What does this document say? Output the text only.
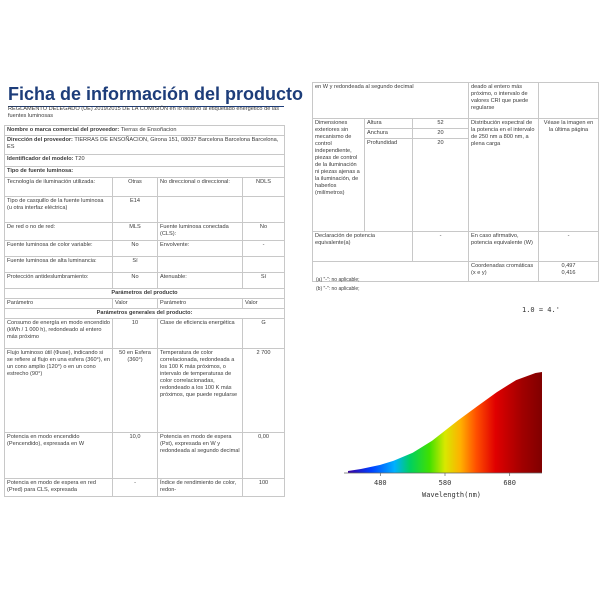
Ficha de información del producto
REGLAMENTO DELEGADO (UE) 2019/2015 DE LA COMISIÓN en lo relativo al etiquetado energético de las fuentes luminosas
Nombre o marca comercial del proveedor: Tierras de Ensoñacion			
Dirección del proveedor: TIERRAS DE ENSOÑACION, Girona 151, 08037 Barcelona Barcelona Barcelona, ES			
Identificador del modelo: T20			
Tipo de fuente luminosa:			
Tecnología de iluminación utilizada:	Otras	No direccional o direccional:	NDLS
Tipo de casquillo de la fuente luminosa (u otra interfaz eléctrica)	E14		
De red o no de red:	MLS	Fuente luminosa conectada (CLS):	No
Fuente luminosa de color variable:	No	Envolvente:	-
Fuente luminosa de alta luminancia:	Sí		
Protección antideslumbramiento:	No	Atenuable:	Sí
Parámetros del producto			
Parámetro	Valor	Parámetro	Valor
Parámetros generales del producto:			
Consumo de energía en modo encendido (kWh / 1 000 h), redondeado al entero más próximo	10	Clase de eficiencia energética	G
Flujo luminoso útil (Φuse), indicando si se refiere al flujo en una esfera (360°), en un cono amplio (120°) o en un cono estrecho (90°)	50 en Esfera (360°)	Temperatura de color correlacionada, redondeada a los 100 K más próximos, o intervalo de temperaturas de color correlacionadas, redondeado a los 100 K más próximos, que puede regularse	2 700
Potencia en modo encendido (Pencendido), expresada en W	10,0	Potencia en modo de espera (Pst), expresada en W y redondeada al segundo decimal	0,00
Potencia en modo de espera en red (Pred) para CLS, expresada	-	Índice de rendimiento de color, redon-	100
en W y redondeada al segundo decimal			deado al entero más próximo, o intervalo de valores CRI que puede regularse	
Dimensiones exteriores sin mecanismo de control independiente, piezas de control de la iluminación ni piezas ajenas a la iluminación, de haberlos (milímetros)	Altura	52	Distribución espectral de la potencia en el intervalo de 250 nm a 800 nm, a plena carga	Véase la imagen en la última página
	Anchura	20		
	Profundidad	20		
Declaración de potencia equivalente(a)		-	En caso afirmativo, potencia equivalente (W)	-
			Coordenadas cromáticas (x e y)	0,497
0,416
(a) "-": no aplicable;
(b) "-": no aplicable;
1.0 = 4.'
480	580	680
Wavelength(nm)
